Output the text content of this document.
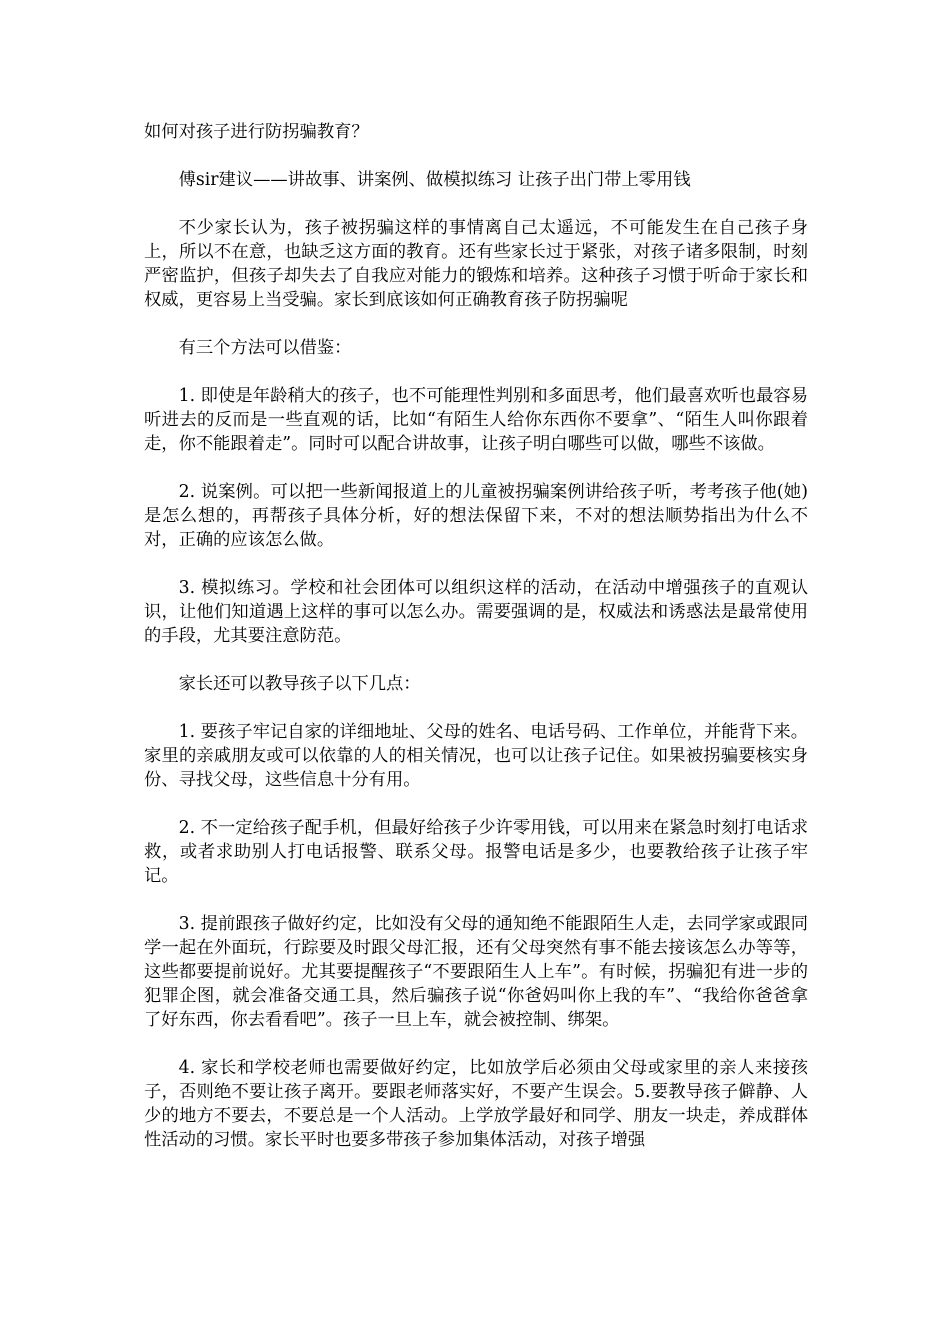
如何对孩子进行防拐骗教育？

傅sir建议——讲故事、讲案例、做模拟练习 让孩子出门带上零用钱

不少家长认为，孩子被拐骗这样的事情离自己太遥远，不可能发生在自己孩子身上，所以不在意，也缺乏这方面的教育。还有些家长过于紧张，对孩子诸多限制，时刻严密监护，但孩子却失去了自我应对能力的锻炼和培养。这种孩子习惯于听命于家长和权威，更容易上当受骗。家长到底该如何正确教育孩子防拐骗呢

有三个方法可以借鉴：

1. 即使是年龄稍大的孩子，也不可能理性判别和多面思考，他们最喜欢听也最容易听进去的反而是一些直观的话，比如“有陌生人给你东西你不要拿”、“陌生人叫你跟着走，你不能跟着走”。同时可以配合讲故事，让孩子明白哪些可以做，哪些不该做。

2. 说案例。可以把一些新闻报道上的儿童被拐骗案例讲给孩子听，考考孩子他(她)是怎么想的，再帮孩子具体分析，好的想法保留下来，不对的想法顺势指出为什么不对，正确的应该怎么做。

3. 模拟练习。学校和社会团体可以组织这样的活动，在活动中增强孩子的直观认识，让他们知道遇上这样的事可以怎么办。需要强调的是，权威法和诱惑法是最常使用的手段，尤其要注意防范。

家长还可以教导孩子以下几点：

1. 要孩子牢记自家的详细地址、父母的姓名、电话号码、工作单位，并能背下来。家里的亲戚朋友或可以依靠的人的相关情况，也可以让孩子记住。如果被拐骗要核实身份、寻找父母，这些信息十分有用。

2. 不一定给孩子配手机，但最好给孩子少许零用钱，可以用来在紧急时刻打电话求救，或者求助别人打电话报警、联系父母。报警电话是多少，也要教给孩子让孩子牢记。

3. 提前跟孩子做好约定，比如没有父母的通知绝不能跟陌生人走，去同学家或跟同学一起在外面玩，行踪要及时跟父母汇报，还有父母突然有事不能去接该怎么办等等，这些都要提前说好。尤其要提醒孩子“不要跟陌生人上车”。有时候，拐骗犯有进一步的犯罪企图，就会准备交通工具，然后骗孩子说“你爸妈叫你上我的车”、“我给你爸爸拿了好东西，你去看看吧”。孩子一旦上车，就会被控制、绑架。

4. 家长和学校老师也需要做好约定，比如放学后必须由父母或家里的亲人来接孩子，否则绝不要让孩子离开。要跟老师落实好，不要产生误会。5.要教导孩子僻静、人少的地方不要去，不要总是一个人活动。上学放学最好和同学、朋友一块走，养成群体性活动的习惯。家长平时也要多带孩子参加集体活动，对孩子增强
